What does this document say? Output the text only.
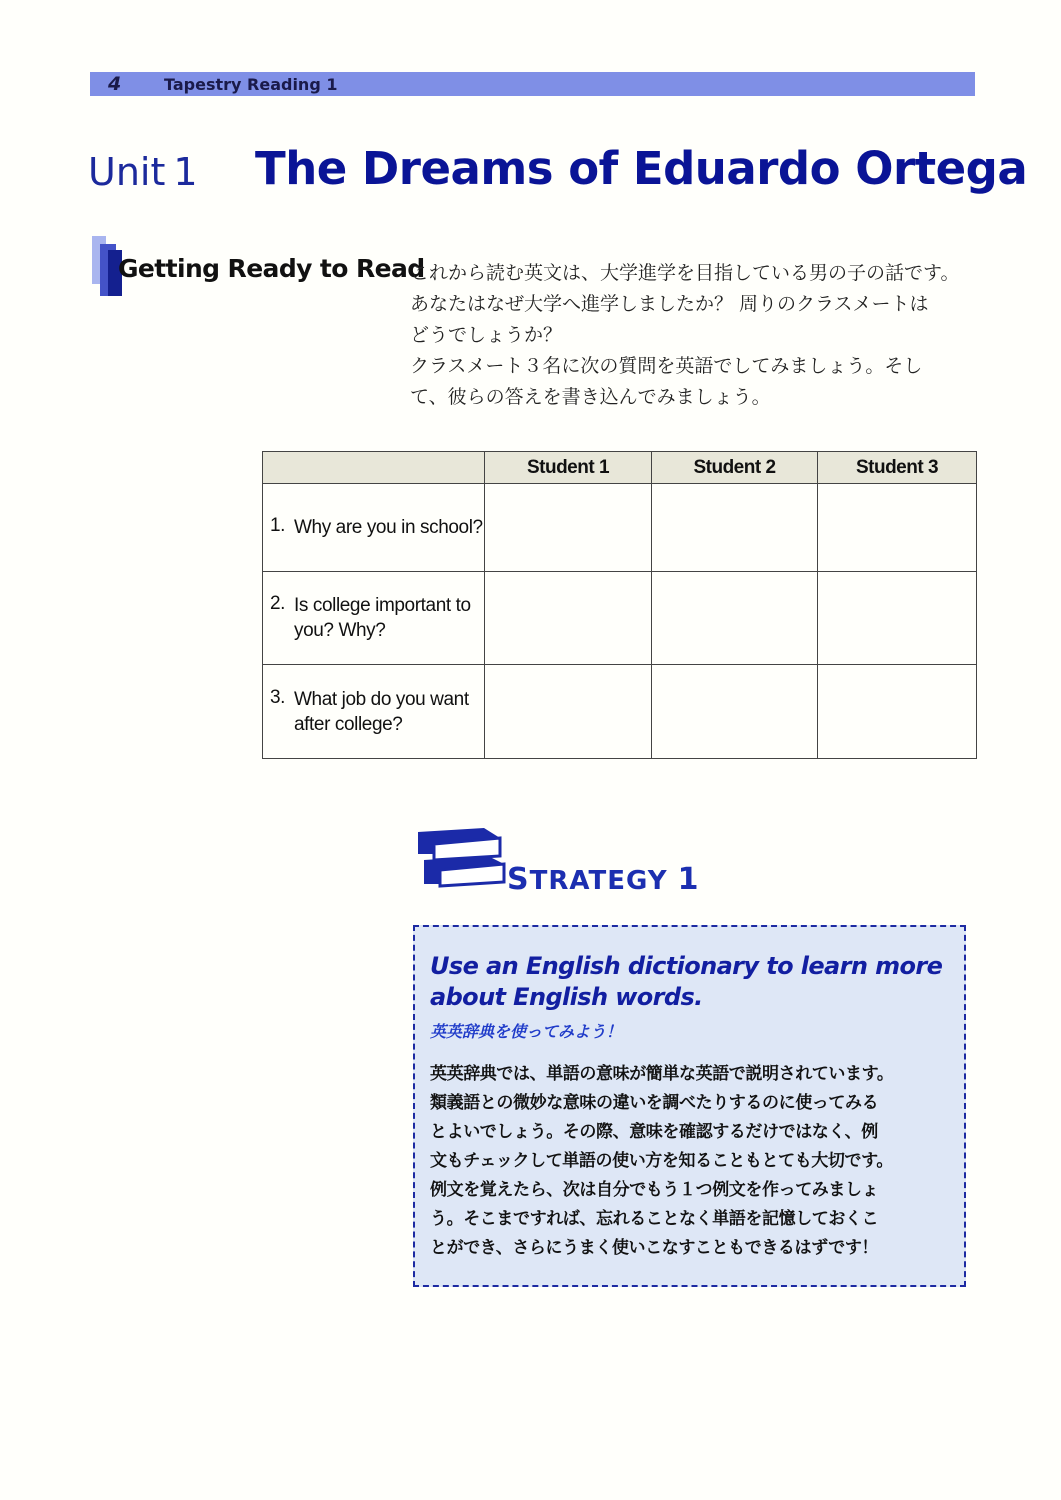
4	Tapestry Reading 1
Unit 1 The Dreams of Eduardo Ortega
Getting Ready to Read

これから読む英文は、大学進学を目指している男の子の話です。

あなたはなぜ大学へ進学しましたか？ 周りのクラスメートは

どうでしょうか？

クラスメート３名に次の質問を英語でしてみましょう。そし

て、彼らの答えを書き込んでみましょう。

	Student 1	Student 2	Student 3

1. Why are you in school?			

2. Is college important to you? Why?			

3. What job do you want after college?			

STRATEGY 1

Use an English dictionary to learn more

about English words.

英英辞典を使ってみよう！

英英辞典では、単語の意味が簡単な英語で説明されています。
類義語との微妙な意味の違いを調べたりするのに使ってみる
とよいでしょう。その際、意味を確認するだけではなく、例
文もチェックして単語の使い方を知ることもとても大切です。
例文を覚えたら、次は自分でもう１つ例文を作ってみましょ
う。そこまですれば、忘れることなく単語を記憶しておくこ
とができ、さらにうまく使いこなすこともできるはずです！
